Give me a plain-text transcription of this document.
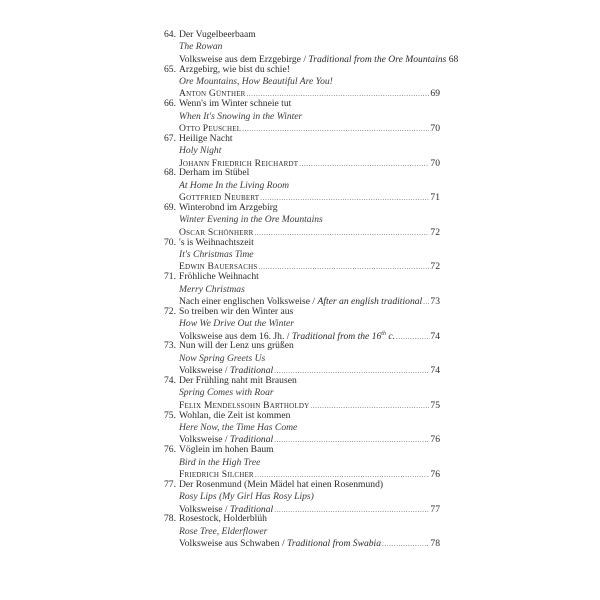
64. Der Vugelbeerbaam
The Rowan
Volksweise aus dem Erzgebirge / Traditional from the Ore Mountains 68
65. Arzgebirg, wie bist du schie!
Ore Mountains, How Beautiful Are You!
Anton Günther .....	69
66. Wenn's im Winter schneie tut
When It's Snowing in the Winter
Otto Peuschel .....	70
67. Heilige Nacht
Holy Night
Johann Friedrich Reichardt .....	70
68. Derham im Stübel
At Home In the Living Room
Gottfried Neubert .....	71
69. Winterobnd im Arzgebirg
Winter Evening in the Ore Mountains
Oscar Schönherr .....	72
70. 's is Weihnachtszeit
It's Christmas Time
Edwin Bauersachs .....	72
71. Fröhliche Weihnacht
Merry Christmas
Nach einer englischen Volksweise / After an english traditional ..... 73
72. So treiben wir den Winter aus
How We Drive Out the Winter
Volksweise aus dem 16. Jh. / Traditional from the 16th c. .....	74
73. Nun will der Lenz uns grüßen
Now Spring Greets Us
Volksweise / Traditional .....	74
74. Der Frühling naht mit Brausen
Spring Comes with Roar
Felix Mendelssohn Bartholdy .....	75
75. Wohlan, die Zeit ist kommen
Here Now, the Time Has Come
Volksweise / Traditional .....	76
76. Vöglein im hohen Baum
Bird in the High Tree
Friedrich Silcher .....	76
77. Der Rosenmund (Mein Mädel hat einen Rosenmund)
Rosy Lips (My Girl Has Rosy Lips)
Volksweise / Traditional .....	77
78. Rosestock, Holderblüh
Rose Tree, Elderflower
Volksweise aus Schwaben / Traditional from Swabia .....	78
